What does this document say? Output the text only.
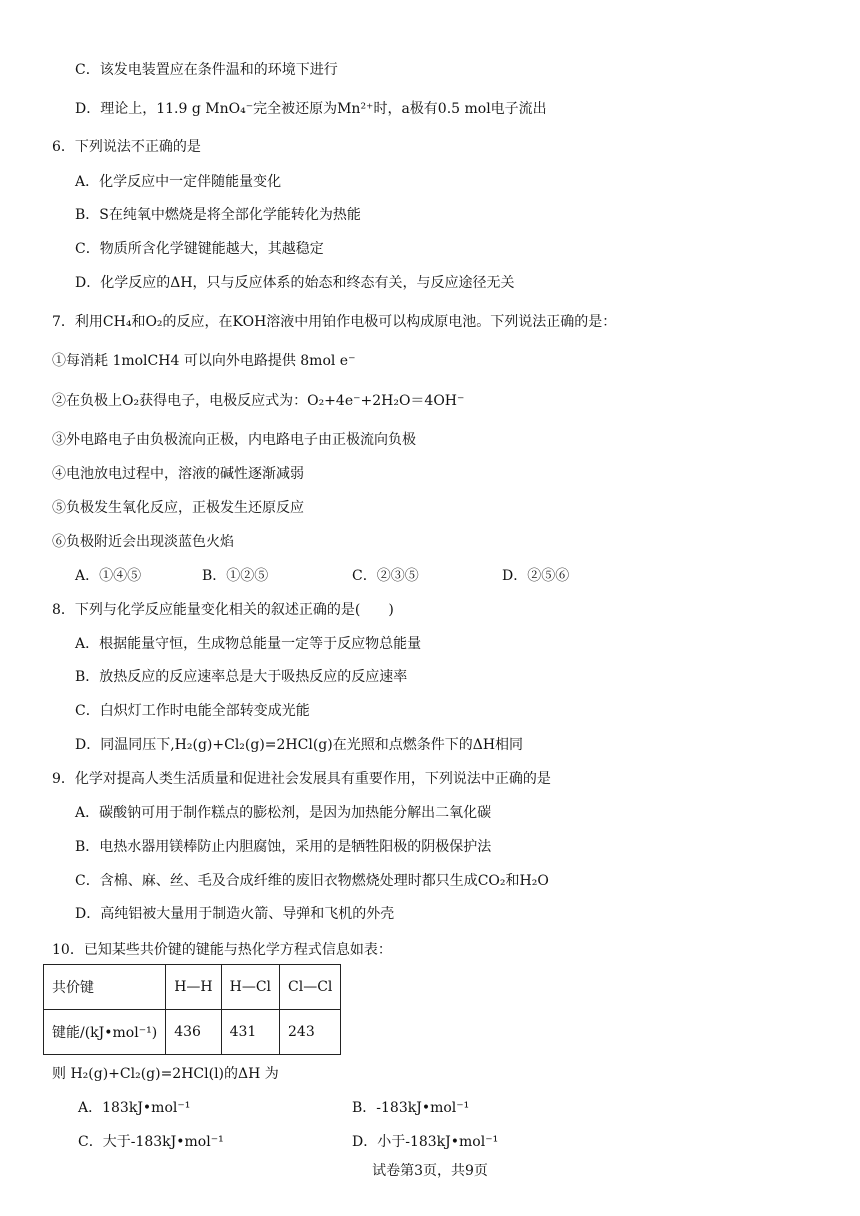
C．该发电装置应在条件温和的环境下进行
D．理论上，11.9 g MnO₄⁻完全被还原为Mn²⁺时，a极有0.5 mol电子流出
6．下列说法不正确的是
A．化学反应中一定伴随能量变化
B．S在纯氧中燃烧是将全部化学能转化为热能
C．物质所含化学键键能越大，其越稳定
D．化学反应的ΔH，只与反应体系的始态和终态有关，与反应途径无关
7．利用CH₄和O₂的反应，在KOH溶液中用铂作电极可以构成原电池。下列说法正确的是：
①每消耗 1molCH4 可以向外电路提供 8mol e⁻
②在负极上O₂获得电子，电极反应式为：O₂+4e⁻+2H₂O＝4OH⁻
③外电路电子由负极流向正极，内电路电子由正极流向负极
④电池放电过程中，溶液的碱性逐渐减弱
⑤负极发生氧化反应，正极发生还原反应
⑥负极附近会出现淡蓝色火焰
A．①④⑤	B．①②⑤	C．②③⑤	D．②⑤⑥
8．下列与化学反应能量变化相关的叙述正确的是(　　)
A．根据能量守恒，生成物总能量一定等于反应物总能量
B．放热反应的反应速率总是大于吸热反应的反应速率
C．白炽灯工作时电能全部转变成光能
D．同温同压下,H₂(g)+Cl₂(g)=2HCl(g)在光照和点燃条件下的ΔH相同
9．化学对提高人类生活质量和促进社会发展具有重要作用，下列说法中正确的是
A．碳酸钠可用于制作糕点的膨松剂，是因为加热能分解出二氧化碳
B．电热水器用镁棒防止内胆腐蚀，采用的是牺牲阳极的阴极保护法
C．含棉、麻、丝、毛及合成纤维的废旧衣物燃烧处理时都只生成CO₂和H₂O
D．高纯铝被大量用于制造火箭、导弹和飞机的外壳
10．已知某些共价键的键能与热化学方程式信息如表：
共价键	H—H	H—Cl	Cl—Cl
键能/(kJ•mol⁻¹)	436	431	243
则 H₂(g)+Cl₂(g)=2HCl(l)的ΔH 为
A．183kJ•mol⁻¹	B．-183kJ•mol⁻¹
C．大于-183kJ•mol⁻¹	D．小于-183kJ•mol⁻¹
试卷第3页，共9页
